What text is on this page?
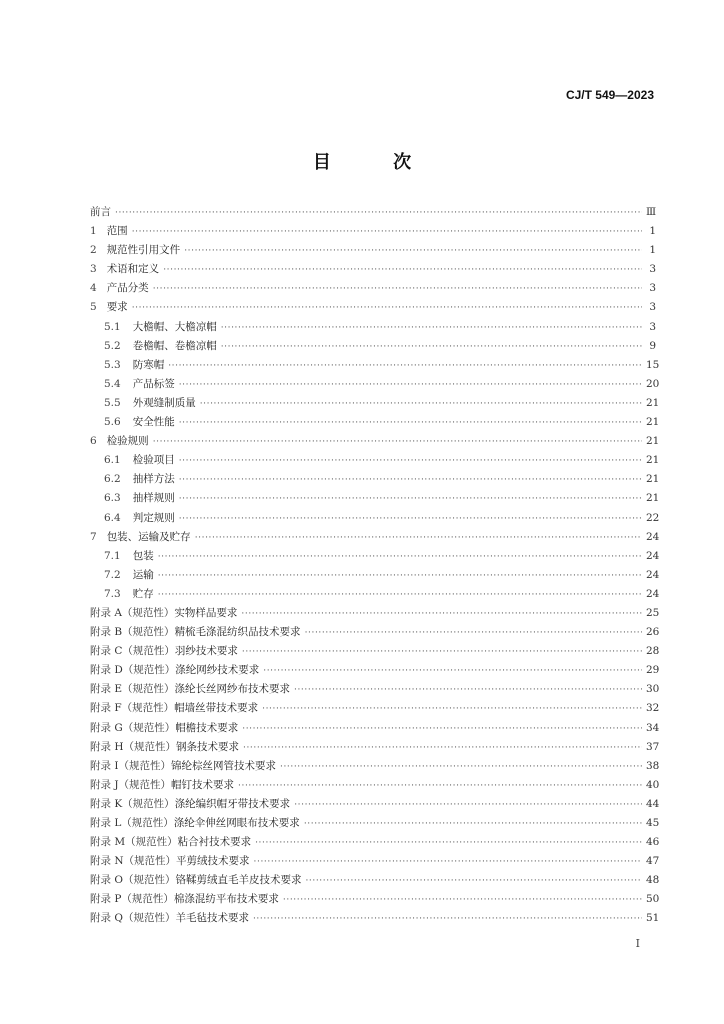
CJ/T 549—2023
目 次
前言 ·····	Ⅲ
1 范围 ·····	1
2 规范性引用文件 ·····	1
3 术语和定义 ·····	3
4 产品分类 ·····	3
5 要求 ·····	3
5.1 大檐帽、大檐凉帽 ·····	3
5.2 卷檐帽、卷檐凉帽 ·····	9
5.3 防寒帽 ·····	15
5.4 产品标签 ·····	20
5.5 外观缝制质量 ·····	21
5.6 安全性能 ·····	21
6 检验规则 ·····	21
6.1 检验项目 ·····	21
6.2 抽样方法 ·····	21
6.3 抽样规则 ·····	21
6.4 判定规则 ·····	22
7 包装、运输及贮存 ·····	24
7.1 包装 ·····	24
7.2 运输 ·····	24
7.3 贮存 ·····	24
附录 A（规范性） 实物样品要求 ·····	25
附录 B（规范性） 精梳毛涤混纺织品技术要求 ·····	26
附录 C（规范性） 羽纱技术要求 ·····	28
附录 D（规范性） 涤纶网纱技术要求 ·····	29
附录 E（规范性） 涤纶长丝网纱布技术要求 ·····	30
附录 F（规范性） 帽墙丝带技术要求 ·····	32
附录 G（规范性） 帽檐技术要求 ·····	34
附录 H（规范性） 钢条技术要求 ·····	37
附录 I（规范性） 锦纶棕丝网管技术要求 ·····	38
附录 J（规范性） 帽钉技术要求 ·····	40
附录 K（规范性） 涤纶编织帽牙带技术要求 ·····	44
附录 L（规范性） 涤纶伞伸丝网眼布技术要求 ·····	45
附录 M（规范性） 粘合衬技术要求 ·····	46
附录 N（规范性） 平剪绒技术要求 ·····	47
附录 O（规范性） 铬鞣剪绒直毛羊皮技术要求 ·····	48
附录 P（规范性） 棉涤混纺平布技术要求 ·····	50
附录 Q（规范性） 羊毛毡技术要求 ·····	51
I
